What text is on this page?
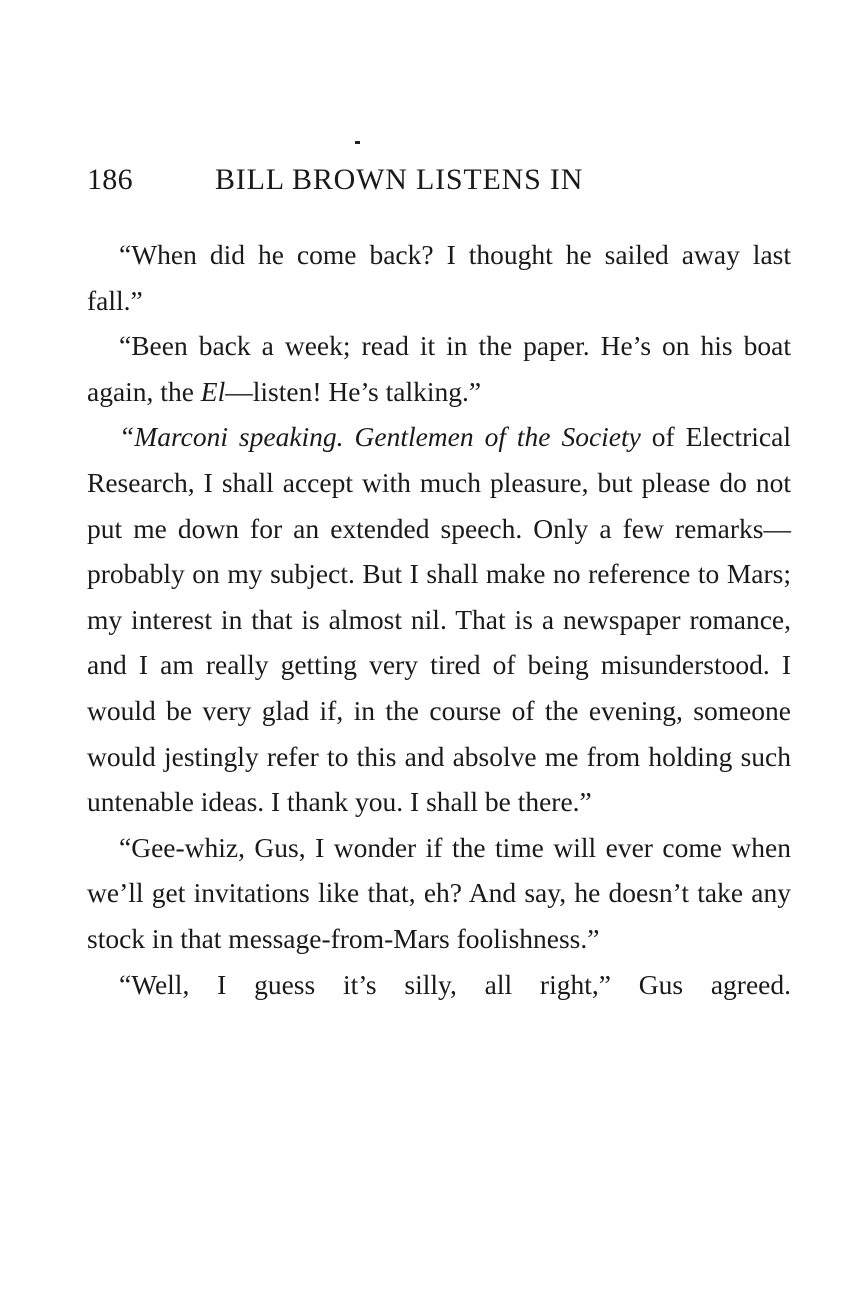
186	BILL BROWN LISTENS IN

“When did he come back? I thought he sailed away last fall.”

“Been back a week; read it in the paper. He’s on his boat again, the El—listen! He’s talking.”

“Marconi speaking. Gentlemen of the Society of Electrical Research, I shall accept with much pleasure, but please do not put me down for an extended speech. Only a few remarks—probably on my subject. But I shall make no reference to Mars; my interest in that is almost nil. That is a newspaper romance, and I am really getting very tired of being misunderstood. I would be very glad if, in the course of the evening, someone would jestingly refer to this and absolve me from holding such untenable ideas. I thank you. I shall be there.”

“Gee-whiz, Gus, I wonder if the time will ever come when we’ll get invitations like that, eh? And say, he doesn’t take any stock in that message-from-Mars foolishness.”

“Well, I guess it’s silly, all right,” Gus agreed.
